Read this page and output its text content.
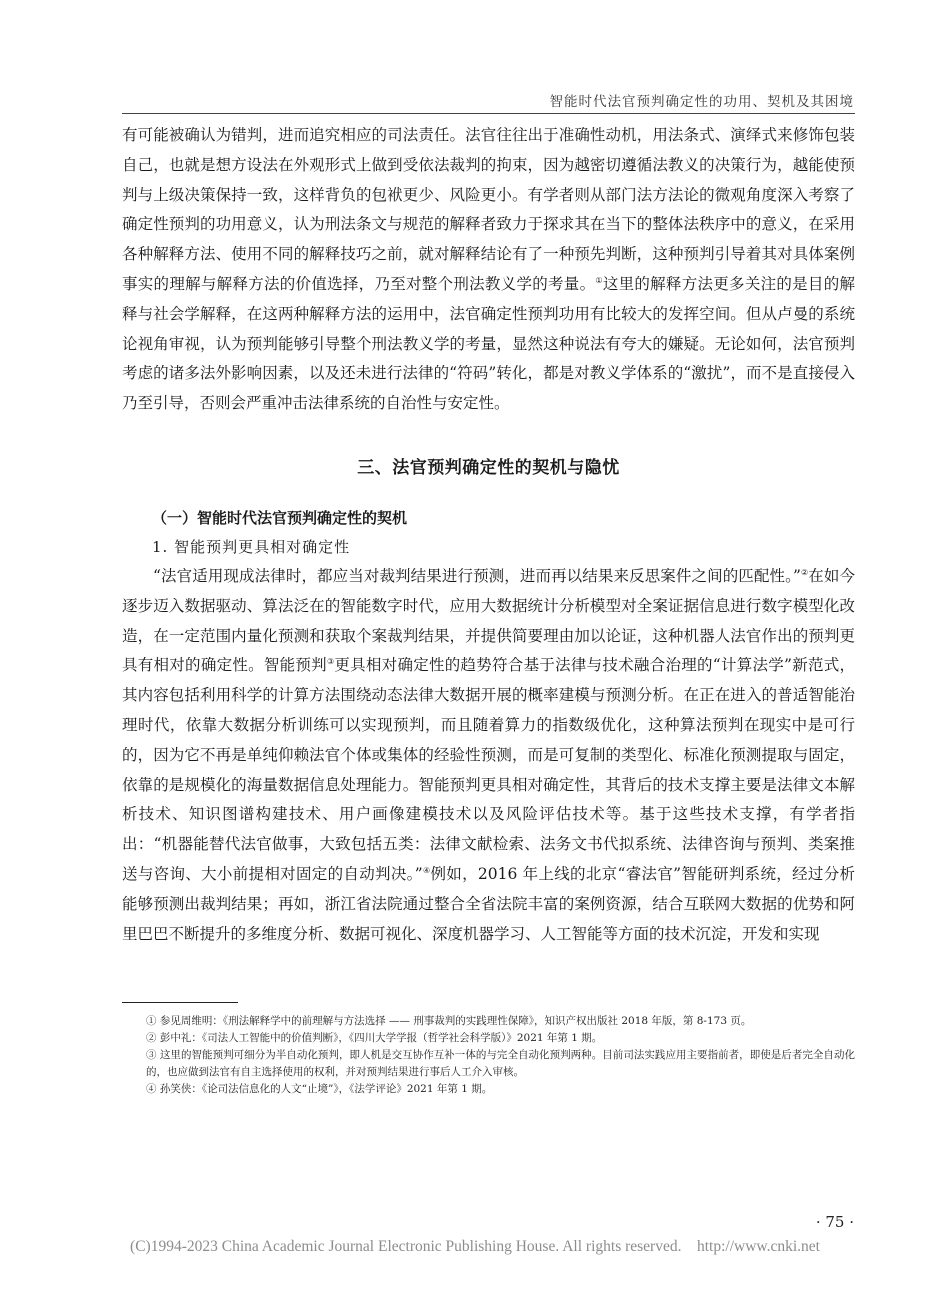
智能时代法官预判确定性的功用、契机及其困境

有可能被确认为错判，进而追究相应的司法责任。法官往往出于准确性动机，用法条式、演绎式来修饰包装自己，也就是想方设法在外观形式上做到受依法裁判的拘束，因为越密切遵循法教义的决策行为，越能使预判与上级决策保持一致，这样背负的包袱更少、风险更小。有学者则从部门法方法论的微观角度深入考察了确定性预判的功用意义，认为刑法条文与规范的解释者致力于探求其在当下的整体法秩序中的意义，在采用各种解释方法、使用不同的解释技巧之前，就对解释结论有了一种预先判断，这种预判引导着其对具体案例事实的理解与解释方法的价值选择，乃至对整个刑法教义学的考量。①这里的解释方法更多关注的是目的解释与社会学解释，在这两种解释方法的运用中，法官确定性预判功用有比较大的发挥空间。但从卢曼的系统论视角审视，认为预判能够引导整个刑法教义学的考量，显然这种说法有夸大的嫌疑。无论如何，法官预判考虑的诸多法外影响因素，以及还未进行法律的“符码”转化，都是对教义学体系的“激扰”，而不是直接侵入乃至引导，否则会严重冲击法律系统的自治性与安定性。

三、法官预判确定性的契机与隐忧
（一）智能时代法官预判确定性的契机
1. 智能预判更具相对确定性

“法官适用现成法律时，都应当对裁判结果进行预测，进而再以结果来反思案件之间的匹配性。”②在如今逐步迈入数据驱动、算法泛在的智能数字时代，应用大数据统计分析模型对全案证据信息进行数字模型化改造，在一定范围内量化预测和获取个案裁判结果，并提供简要理由加以论证，这种机器人法官作出的预判更具有相对的确定性。智能预判③更具相对确定性的趋势符合基于法律与技术融合治理的“计算法学”新范式，其内容包括利用科学的计算方法围绕动态法律大数据开展的概率建模与预测分析。在正在进入的普适智能治理时代，依靠大数据分析训练可以实现预判，而且随着算力的指数级优化，这种算法预判在现实中是可行的，因为它不再是单纯仰赖法官个体或集体的经验性预测，而是可复制的类型化、标准化预测提取与固定，依靠的是规模化的海量数据信息处理能力。智能预判更具相对确定性，其背后的技术支撑主要是法律文本解析技术、知识图谱构建技术、用户画像建模技术以及风险评估技术等。基于这些技术支撑，有学者指出：“机器能替代法官做事，大致包括五类：法律文献检索、法务文书代拟系统、法律咨询与预判、类案推送与咨询、大小前提相对固定的自动判决。”④例如，2016 年上线的北京“睿法官”智能研判系统，经过分析能够预测出裁判结果；再如，浙江省法院通过整合全省法院丰富的案例资源，结合互联网大数据的优势和阿里巴巴不断提升的多维度分析、数据可视化、深度机器学习、人工智能等方面的技术沉淀，开发和实现

① 参见周维明：《刑法解释学中的前理解与方法选择 —— 刑事裁判的实践理性保障》，知识产权出版社 2018 年版，第 8-173 页。

② 彭中礼：《司法人工智能中的价值判断》，《四川大学学报（哲学社会科学版）》2021 年第 1 期。

③ 这里的智能预判可细分为半自动化预判，即人机是交互协作互补一体的与完全自动化预判两种。目前司法实践应用主要指前者，即使是后者完全自动化的，也应做到法官有自主选择使用的权利，并对预判结果进行事后人工介入审核。

④ 孙笑侠：《论司法信息化的人文“止境”》，《法学评论》2021 年第 1 期。

· 75 ·
(C)1994-2023 China Academic Journal Electronic Publishing House. All rights reserved.    http://www.cnki.net
